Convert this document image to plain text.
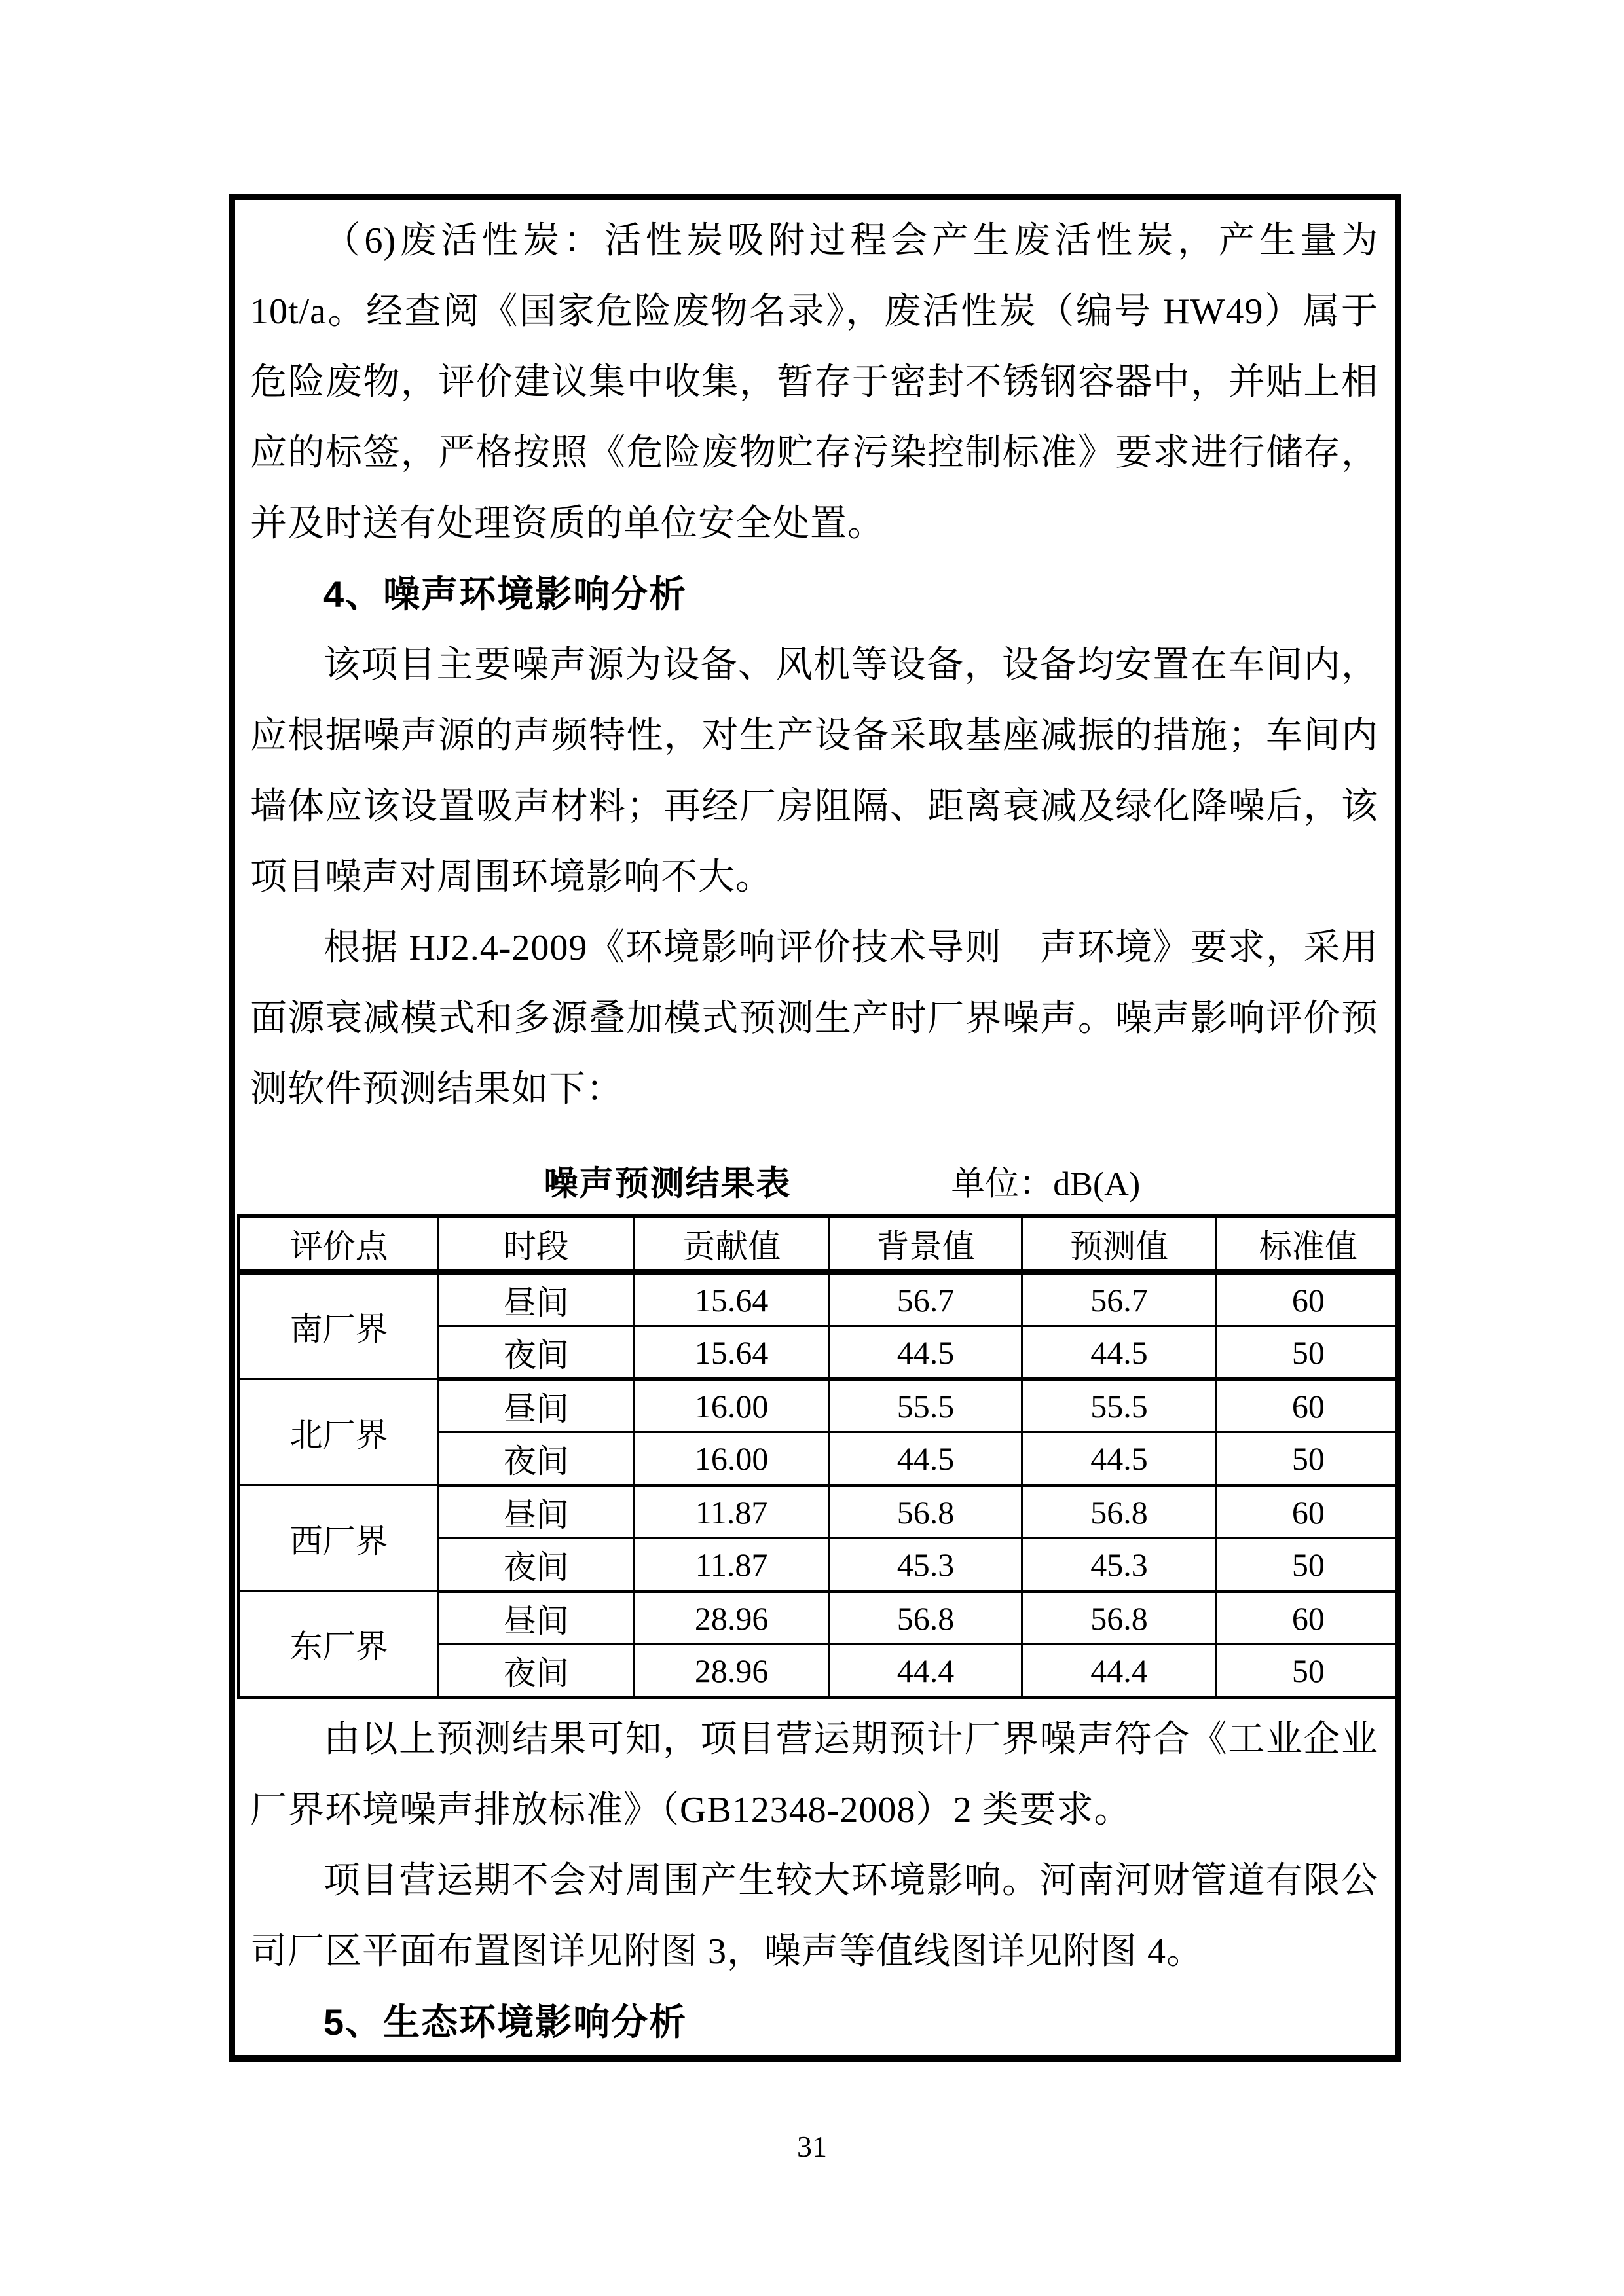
（6)废活性炭：活性炭吸附过程会产生废活性炭，产生量为 10t/a。经查阅《国家危险废物名录》，废活性炭（编号 HW49）属于危险废物，评价建议集中收集，暂存于密封不锈钢容器中，并贴上相应的标签，严格按照《危险废物贮存污染控制标准》要求进行储存，并及时送有处理资质的单位安全处置。

4、噪声环境影响分析

该项目主要噪声源为设备、风机等设备，设备均安置在车间内，应根据噪声源的声频特性，对生产设备采取基座减振的措施；车间内墙体应该设置吸声材料；再经厂房阻隔、距离衰减及绿化降噪后，该项目噪声对周围环境影响不大。

根据 HJ2.4-2009《环境影响评价技术导则　声环境》要求，采用面源衰减模式和多源叠加模式预测生产时厂界噪声。噪声影响评价预测软件预测结果如下：

噪声预测结果表	单位：dB(A)
评价点	时段	贡献值	背景值	预测值	标准值
南厂界	昼间	15.64	56.7	56.7	60
	夜间	15.64	44.5	44.5	50
北厂界	昼间	16.00	55.5	55.5	60
	夜间	16.00	44.5	44.5	50
西厂界	昼间	11.87	56.8	56.8	60
	夜间	11.87	45.3	45.3	50
东厂界	昼间	28.96	56.8	56.8	60
	夜间	28.96	44.4	44.4	50

由以上预测结果可知，项目营运期预计厂界噪声符合《工业企业厂界环境噪声排放标准》（GB12348-2008）2 类要求。

项目营运期不会对周围产生较大环境影响。河南河财管道有限公司厂区平面布置图详见附图 3，噪声等值线图详见附图 4。

5、生态环境影响分析

31
